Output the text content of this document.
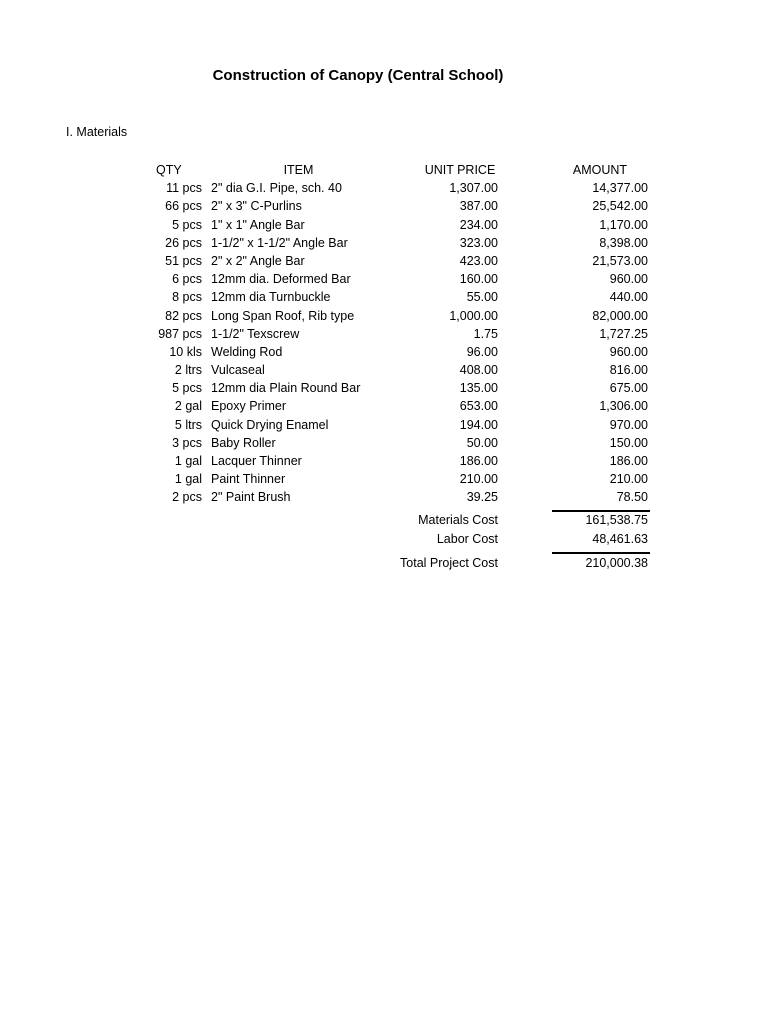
Construction of Canopy (Central School)
I. Materials
QTY	ITEM	UNIT PRICE	AMOUNT
11 pcs 2" dia G.I. Pipe, sch. 40	1,307.00	14,377.00
66 pcs 2" x 3" C-Purlins	387.00	25,542.00
5 pcs 1" x 1" Angle Bar	234.00	1,170.00
26 pcs 1-1/2" x 1-1/2" Angle Bar	323.00	8,398.00
51 pcs 2" x 2" Angle Bar	423.00	21,573.00
6 pcs 12mm dia. Deformed Bar	160.00	960.00
8 pcs 12mm dia Turnbuckle	55.00	440.00
82 pcs Long Span Roof, Rib type	1,000.00	82,000.00
987 pcs 1-1/2" Texscrew	1.75	1,727.25
10 kls Welding Rod	96.00	960.00
2 ltrs Vulcaseal	408.00	816.00
5 pcs 12mm dia Plain Round Bar	135.00	675.00
2 gal Epoxy Primer	653.00	1,306.00
5 ltrs Quick Drying Enamel	194.00	970.00
3 pcs Baby Roller	50.00	150.00
1 gal Lacquer Thinner	186.00	186.00
1 gal Paint Thinner	210.00	210.00
2 pcs 2" Paint Brush	39.25	78.50
Materials Cost	161,538.75
Labor Cost	48,461.63
Total Project Cost	210,000.38
